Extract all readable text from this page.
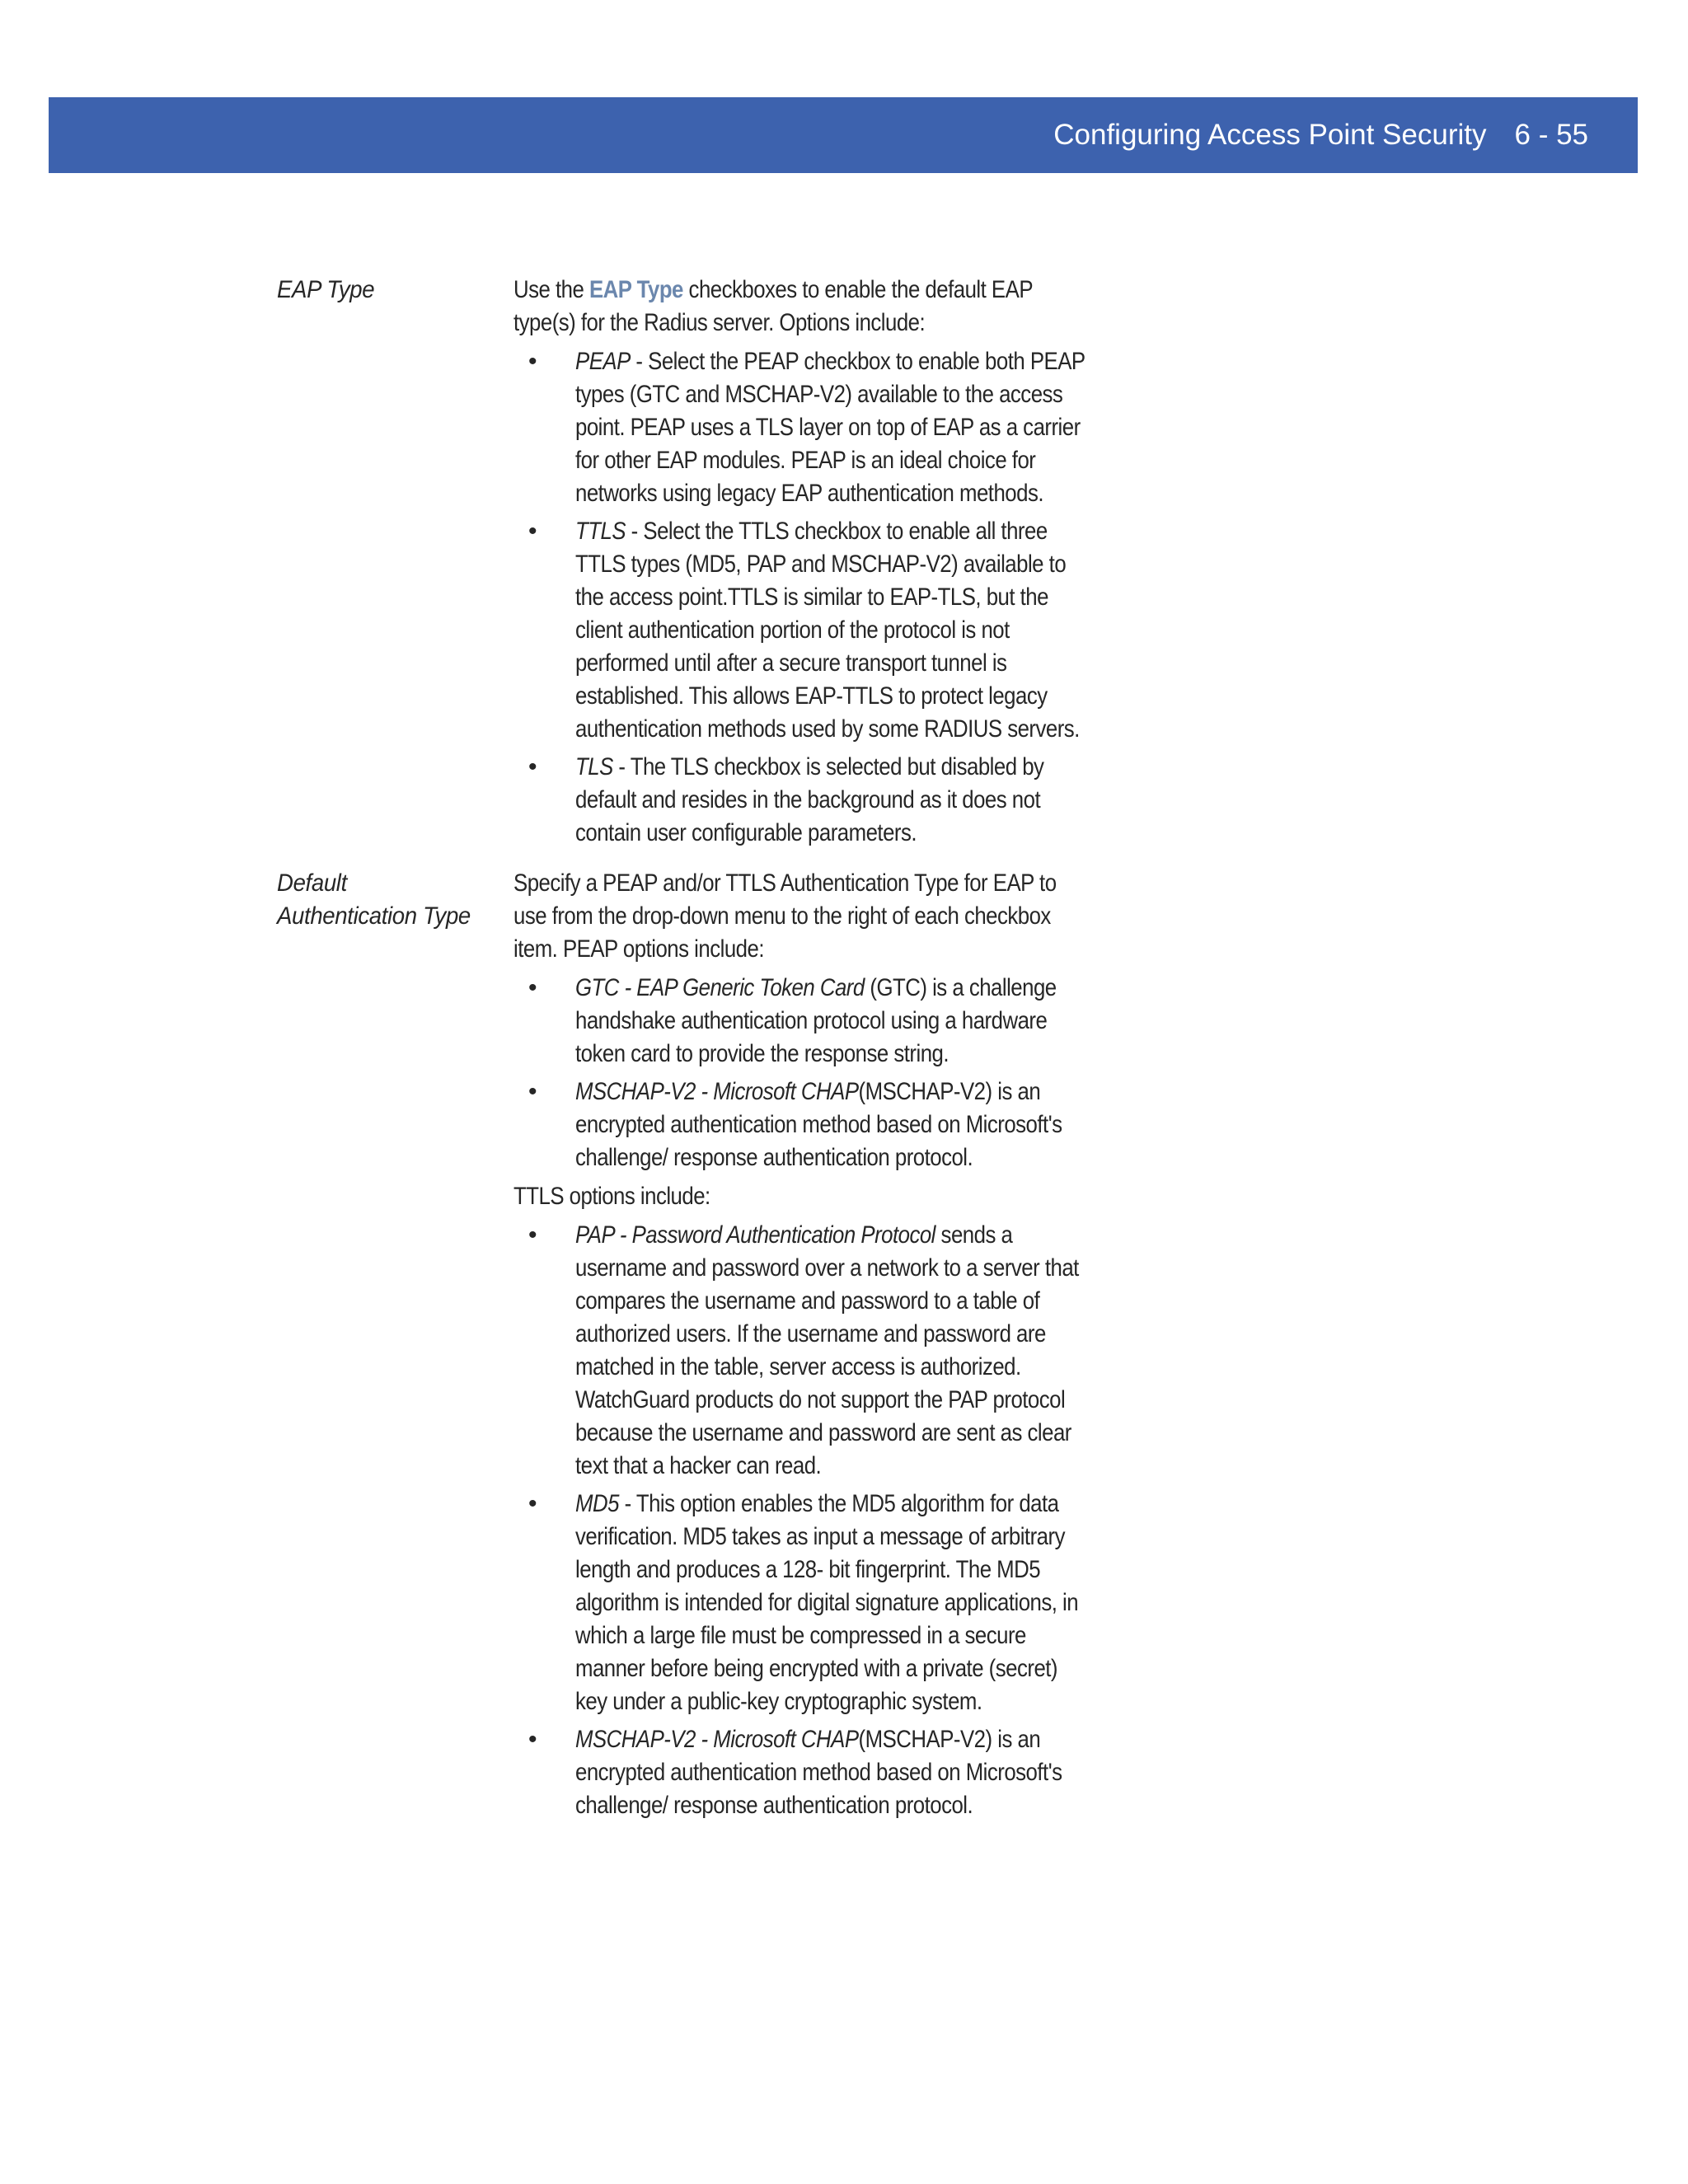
Configuring Access Point Security 6 - 55
EAP Type	Use the EAP Type checkboxes to enable the default EAP type(s) for the Radius server. Options include:

• PEAP - Select the PEAP checkbox to enable both PEAP types (GTC and MSCHAP-V2) available to the access point. PEAP uses a TLS layer on top of EAP as a carrier for other EAP modules. PEAP is an ideal choice for networks using legacy EAP authentication methods.
• TTLS - Select the TTLS checkbox to enable all three TTLS types (MD5, PAP and MSCHAP-V2) available to the access point.TTLS is similar to EAP-TLS, but the client authentication portion of the protocol is not performed until after a secure transport tunnel is established. This allows EAP-TTLS to protect legacy authentication methods used by some RADIUS servers.
• TLS - The TLS checkbox is selected but disabled by default and resides in the background as it does not contain user configurable parameters.
Default
Authentication Type

Specify a PEAP and/or TTLS Authentication Type for EAP to use from the drop-down menu to the right of each checkbox item. PEAP options include:

• GTC - EAP Generic Token Card (GTC) is a challenge handshake authentication protocol using a hardware token card to provide the response string.
• MSCHAP-V2 - Microsoft CHAP(MSCHAP-V2) is an encrypted authentication method based on Microsoft's challenge/ response authentication protocol.

TTLS options include:

• PAP - Password Authentication Protocol sends a username and password over a network to a server that compares the username and password to a table of authorized users. If the username and password are matched in the table, server access is authorized. WatchGuard products do not support the PAP protocol because the username and password are sent as clear text that a hacker can read.
• MD5 - This option enables the MD5 algorithm for data verification. MD5 takes as input a message of arbitrary length and produces a 128- bit fingerprint. The MD5 algorithm is intended for digital signature applications, in which a large file must be compressed in a secure manner before being encrypted with a private (secret) key under a public-key cryptographic system.
• MSCHAP-V2 - Microsoft CHAP(MSCHAP-V2) is an encrypted authentication method based on Microsoft's challenge/ response authentication protocol.
